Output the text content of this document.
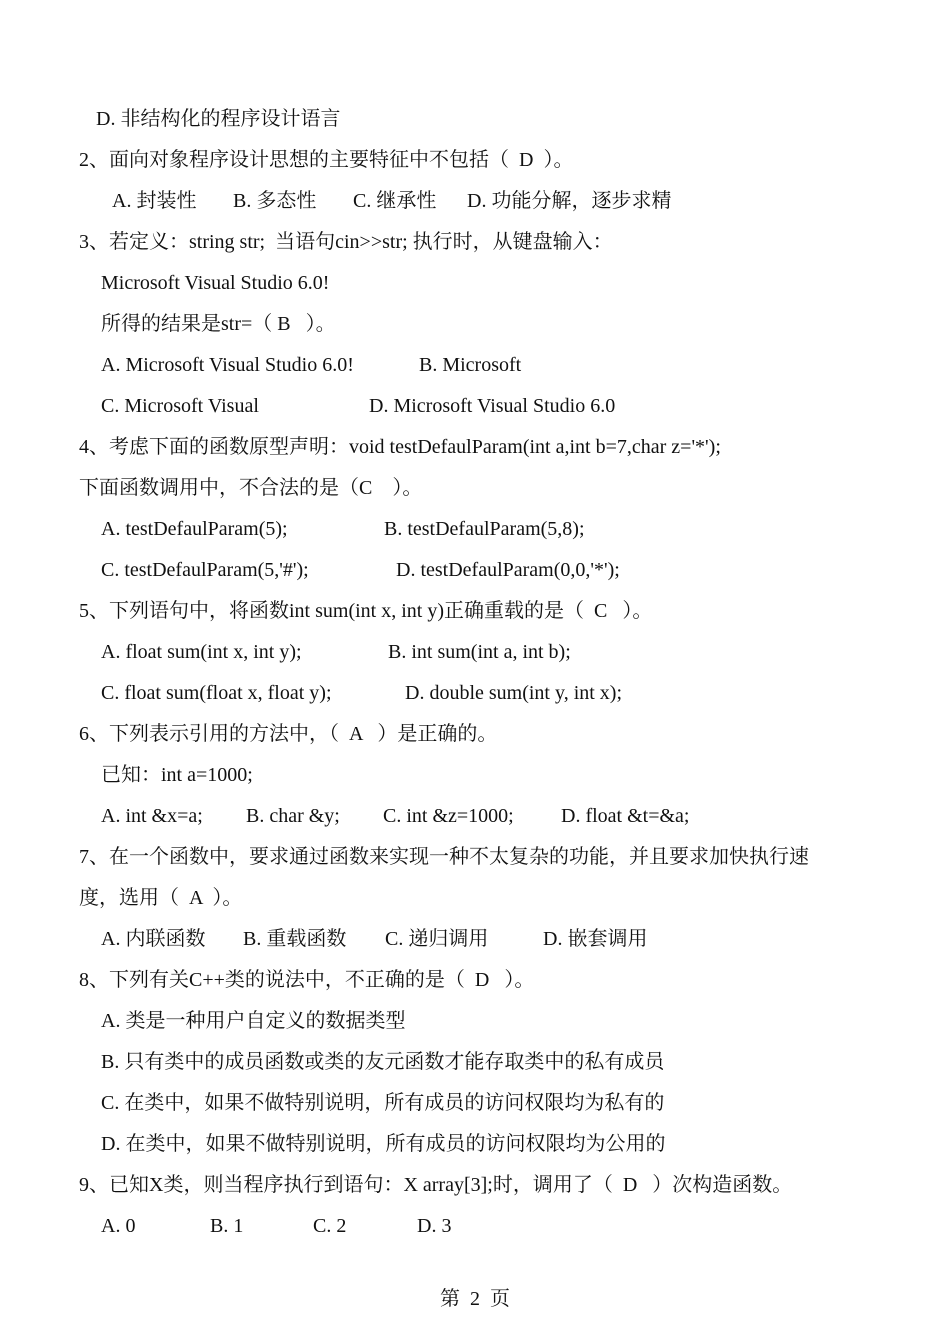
D. 非结构化的程序设计语言
2、面向对象程序设计思想的主要特征中不包括（  D  ）。
A. 封装性 B. 多态性 C. 继承性 D. 功能分解，逐步求精
3、若定义：string str;  当语句cin>>str; 执行时，从键盘输入：
Microsoft Visual Studio 6.0!
所得的结果是str=（ B   ）。
A. Microsoft Visual Studio 6.0!	B. Microsoft
C. Microsoft Visual	D. Microsoft Visual Studio 6.0
4、考虑下面的函数原型声明：void testDefaulParam(int a,int b=7,char z='*');
下面函数调用中，不合法的是（C    ）。
A. testDefaulParam(5);	B. testDefaulParam(5,8);
C. testDefaulParam(5,'#');	D. testDefaulParam(0,0,'*');
5、下列语句中，将函数int sum(int x, int y)正确重载的是（  C   ）。
A. float sum(int x, int y);	B. int sum(int a, int b);
C. float sum(float x, float y);	D. double sum(int y, int x);
6、下列表示引用的方法中，（  A   ）是正确的。
已知：int a=1000;
A. int &x=a; B. char &y; C. int &z=1000; D. float &t=&a;
7、在一个函数中，要求通过函数来实现一种不太复杂的功能，并且要求加快执行速
度，选用（  A  ）。
A. 内联函数 B. 重载函数 C. 递归调用	D. 嵌套调用
8、下列有关C++类的说法中，不正确的是（  D   ）。
A. 类是一种用户自定义的数据类型
B. 只有类中的成员函数或类的友元函数才能存取类中的私有成员
C. 在类中，如果不做特别说明，所有成员的访问权限均为私有的
D. 在类中，如果不做特别说明，所有成员的访问权限均为公用的
9、已知X类，则当程序执行到语句：X array[3];时，调用了（  D   ）次构造函数。
A. 0	B. 1	C. 2	D. 3
第  2  页
